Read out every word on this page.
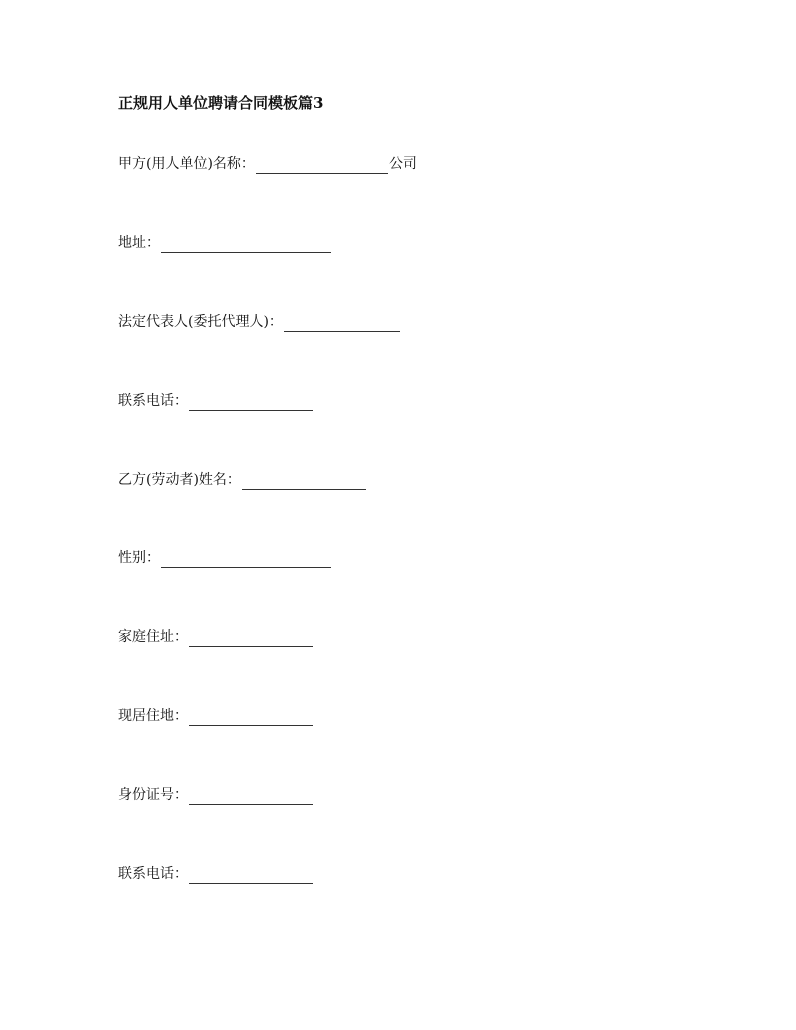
正规用人单位聘请合同模板篇3
甲方(用人单位)名称：	公司
地址：
法定代表人(委托代理人)：
联系电话：
乙方(劳动者)姓名：
性别：
家庭住址：
现居住地：
身份证号：
联系电话：
